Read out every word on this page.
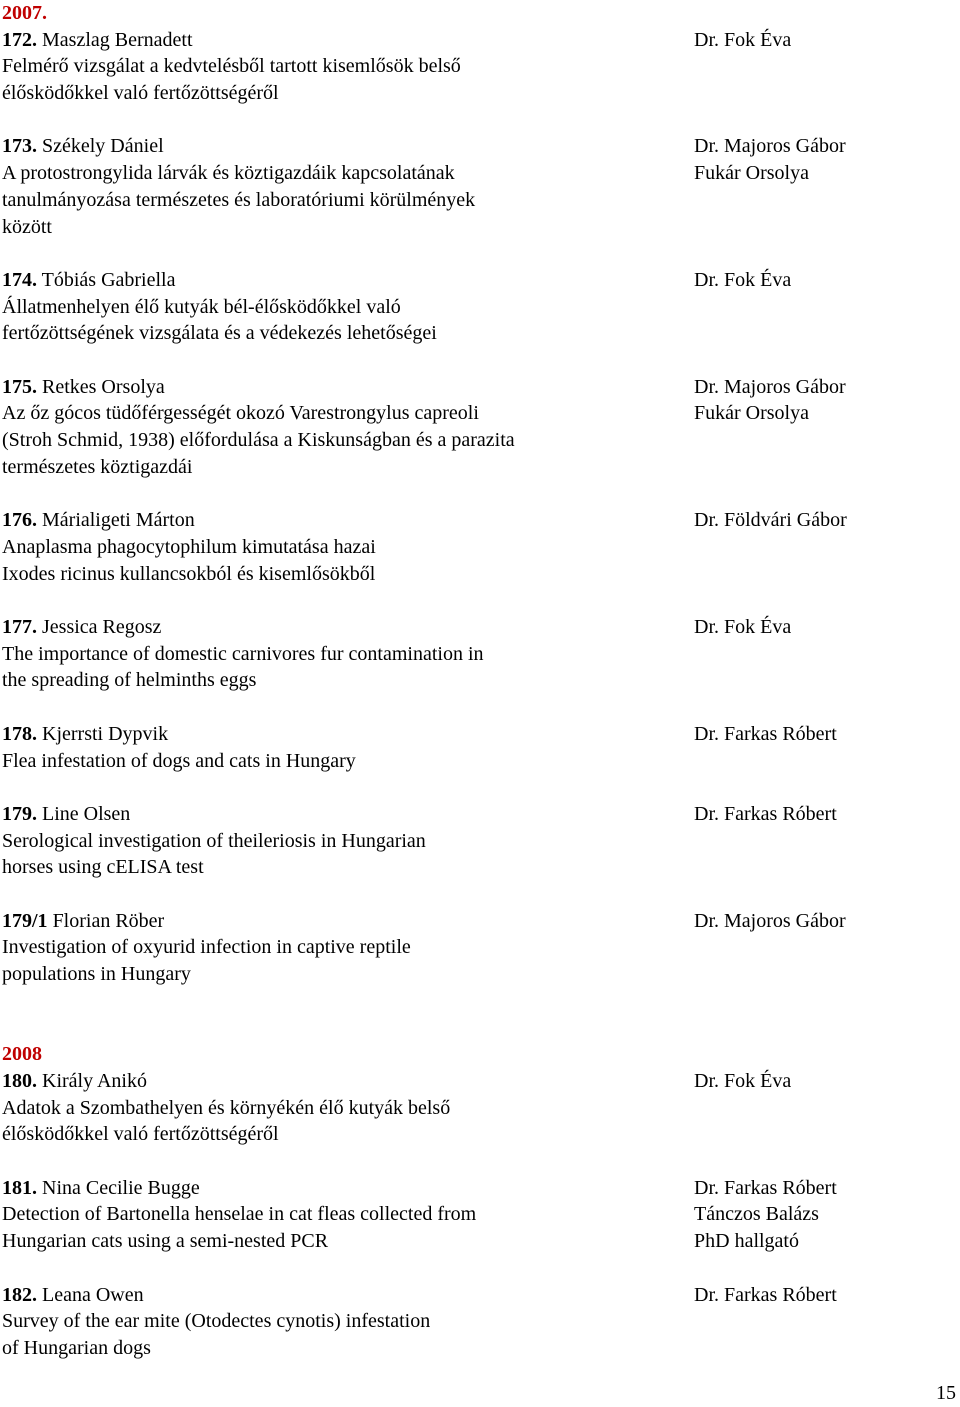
2007.
172. Maszlag Bernadett
Felmérő vizsgálat a kedvtelésből tartott kisemlősök belső
élősködőkkel való fertőzöttségéről
Dr. Fok Éva
173. Székely Dániel
A protostrongylida lárvák és köztigazdáik kapcsolatának
tanulmányozása természetes és laboratóriumi körülmények
között
Dr. Majoros Gábor
Fukár Orsolya
174. Tóbiás Gabriella
Állatmenhelyen élő kutyák bél-élősködőkkel való
fertőzöttségének vizsgálata és a védekezés lehetőségei
Dr. Fok Éva
175. Retkes Orsolya
Az őz gócos tüdőférgességét okozó Varestrongylus capreoli
(Stroh Schmid, 1938) előfordulása a Kiskunságban és a parazita
természetes köztigazdái
Dr. Majoros Gábor
Fukár Orsolya
176. Márialigeti Márton
Anaplasma phagocytophilum kimutatása hazai
Ixodes ricinus kullancsokból és kisemlősökből
Dr. Földvári Gábor
177. Jessica Regosz
The importance of domestic carnivores fur contamination in
the spreading of helminths eggs
Dr. Fok Éva
178. Kjerrsti Dypvik
Flea infestation of dogs and cats in Hungary
Dr. Farkas Róbert
179. Line Olsen
Serological investigation of theileriosis in Hungarian
horses using cELISA test
Dr. Farkas Róbert
179/1 Florian Röber
Investigation of oxyurid infection in captive reptile
populations in Hungary
Dr. Majoros Gábor
2008
180. Király Anikó
Adatok a Szombathelyen és környékén élő kutyák belső
élősködőkkel való fertőzöttségéről
Dr. Fok Éva
181. Nina Cecilie Bugge
Detection of Bartonella henselae in cat fleas collected from
Hungarian cats using a semi-nested PCR
Dr. Farkas Róbert
Tánczos Balázs
PhD hallgató
182. Leana Owen
Survey of the ear mite (Otodectes cynotis) infestation
of Hungarian dogs
Dr. Farkas Róbert
15
